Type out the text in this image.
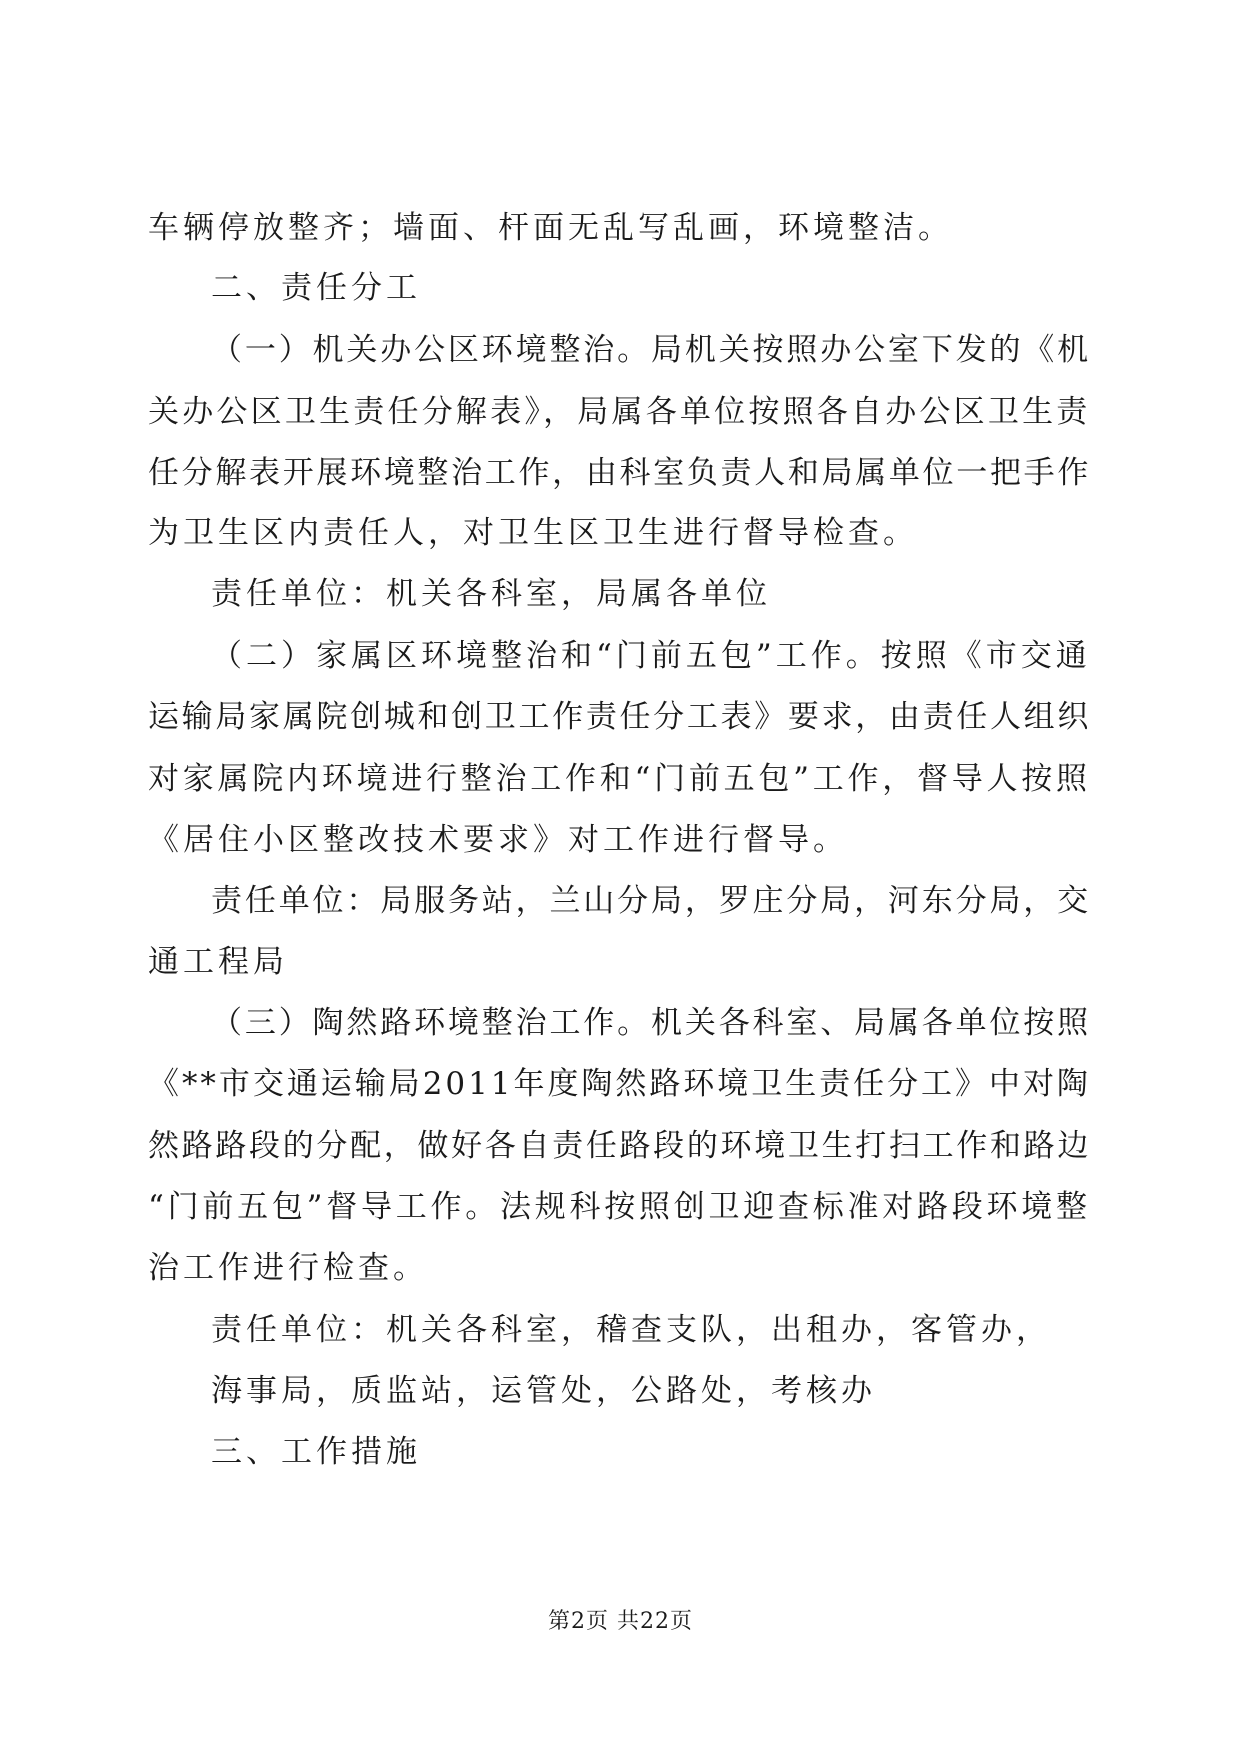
车辆停放整齐；墙面、杆面无乱写乱画，环境整洁。
二、责任分工
（一）机关办公区环境整治。局机关按照办公室下发的《机
关办公区卫生责任分解表》，局属各单位按照各自办公区卫生责
任分解表开展环境整治工作，由科室负责人和局属单位一把手作
为卫生区内责任人，对卫生区卫生进行督导检查。
责任单位：机关各科室，局属各单位
（二）家属区环境整治和“门前五包”工作。按照《市交通
运输局家属院创城和创卫工作责任分工表》要求，由责任人组织
对家属院内环境进行整治工作和“门前五包”工作，督导人按照
《居住小区整改技术要求》对工作进行督导。
责任单位：局服务站，兰山分局，罗庄分局，河东分局，交
通工程局
（三）陶然路环境整治工作。机关各科室、局属各单位按照
《**市交通运输局2011年度陶然路环境卫生责任分工》中对陶
然路路段的分配，做好各自责任路段的环境卫生打扫工作和路边
“门前五包”督导工作。法规科按照创卫迎查标准对路段环境整
治工作进行检查。
责任单位：机关各科室，稽查支队，出租办，客管办，
海事局，质监站，运管处，公路处，考核办
三、工作措施
第2页 共22页
